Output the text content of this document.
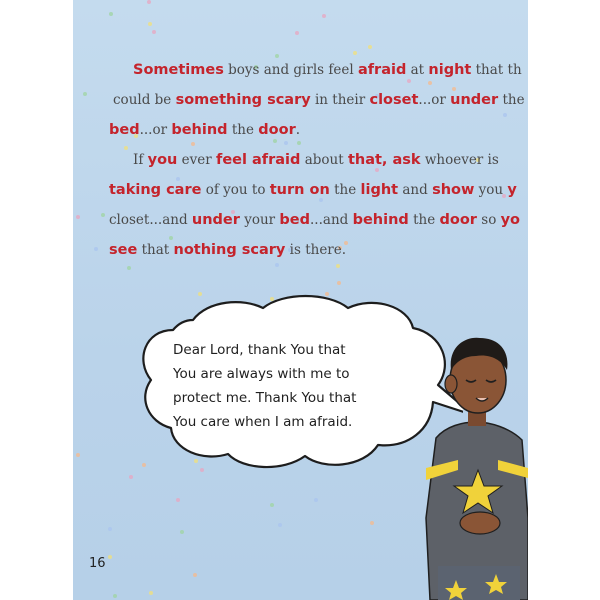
Sometimes boys and girls feel afraid at night that th
could be something scary in their closet...or under the
bed...or behind the door.
If you ever feel afraid about that, ask whoever is
taking care of you to turn on the light and show you y
closet...and under your bed...and behind the door so yo
see that nothing scary is there.
Dear Lord, thank You that
You are always with me to
protect me. Thank You that
You care when I am afraid.
16
